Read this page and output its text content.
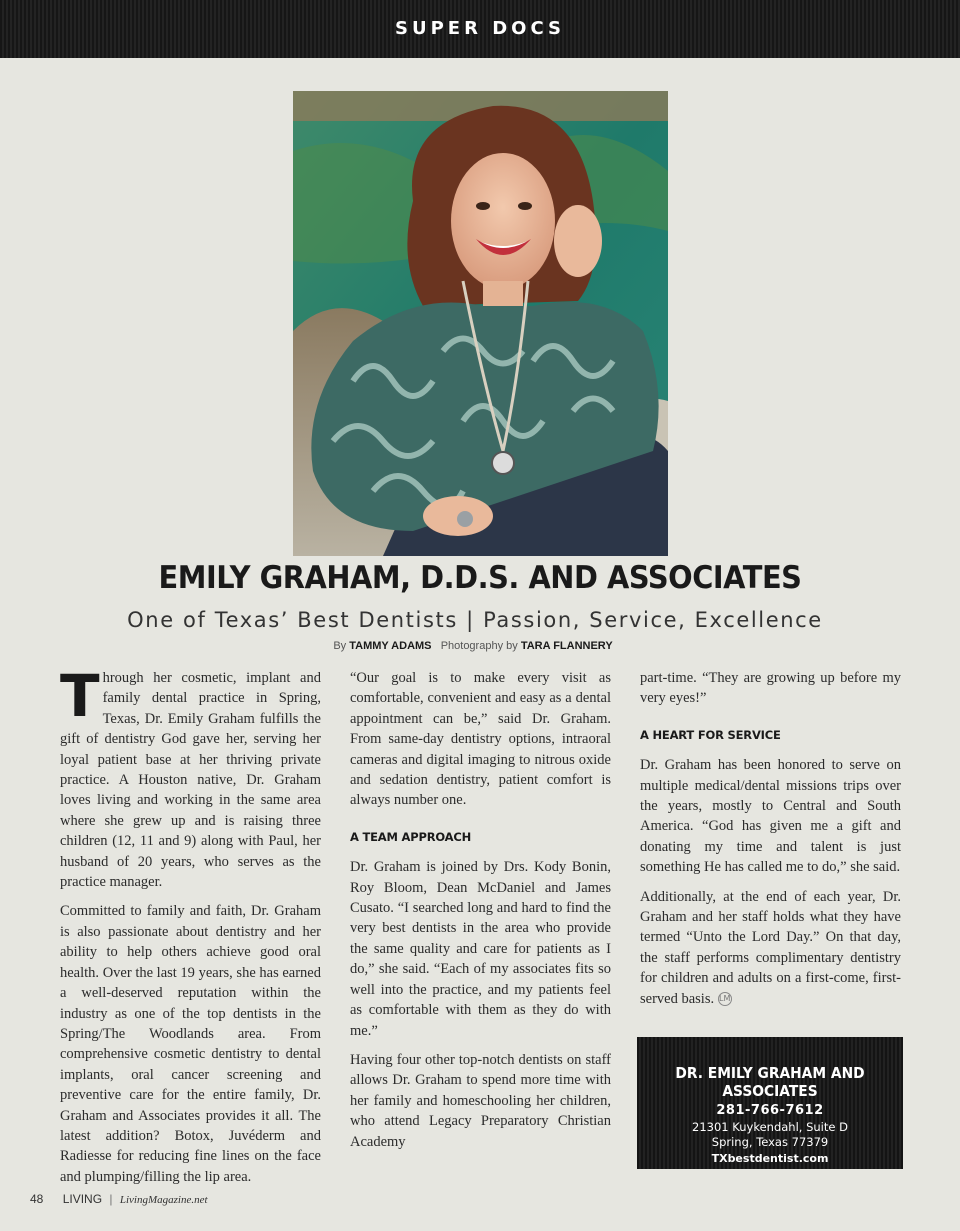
SUPER DOCS
EMILY GRAHAM, D.D.S. AND ASSOCIATES
One of Texas’ Best Dentists | Passion, Service, Excellence
By TAMMY ADAMS Photography by TARA FLANNERY

Through her cosmetic, implant and family dental practice in Spring, Texas, Dr. Emily Graham fulfills the gift of dentistry God gave her, serving her loyal patient base at her thriving private practice. A Houston native, Dr. Graham loves living and working in the same area where she grew up and is raising three children (12, 11 and 9) along with Paul, her husband of 20 years, who serves as the practice manager.

Committed to family and faith, Dr. Graham is also passionate about dentistry and her ability to help others achieve good oral health. Over the last 19 years, she has earned a well-deserved reputation within the industry as one of the top dentists in the Spring/The Woodlands area. From comprehensive cosmetic dentistry to dental implants, oral cancer screening and preventive care for the entire family, Dr. Graham and Associates provides it all. The latest addition? Botox, Juvéderm and Radiesse for reducing fine lines on the face and plumping/filling the lip area.

“Our goal is to make every visit as comfortable, convenient and easy as a dental appointment can be,” said Dr. Graham. From same-day dentistry options, intraoral cameras and digital imaging to nitrous oxide and sedation dentistry, patient comfort is always number one.

A TEAM APPROACH

Dr. Graham is joined by Drs. Kody Bonin, Roy Bloom, Dean McDaniel and James Cusato. “I searched long and hard to find the very best dentists in the area who provide the same quality and care for patients as I do,” she said. “Each of my associates fits so well into the practice, and my patients feel as comfortable with them as they do with me.”

Having four other top-notch dentists on staff allows Dr. Graham to spend more time with her family and homeschooling her children, who attend Legacy Preparatory Christian Academy

part-time. “They are growing up before my very eyes!”

A HEART FOR SERVICE

Dr. Graham has been honored to serve on multiple medical/dental missions trips over the years, mostly to Central and South America. “God has given me a gift and donating my time and talent is just something He has called me to do,” she said.

Additionally, at the end of each year, Dr. Graham and her staff holds what they have termed “Unto the Lord Day.” On that day, the staff performs complimentary dentistry for children and adults on a first-come, first-served basis. LM

DR. EMILY GRAHAM AND ASSOCIATES
281-766-7612
21301 Kuykendahl, Suite D
Spring, Texas 77379
TXbestdentist.com
48 LIVING | LivingMagazine.net
